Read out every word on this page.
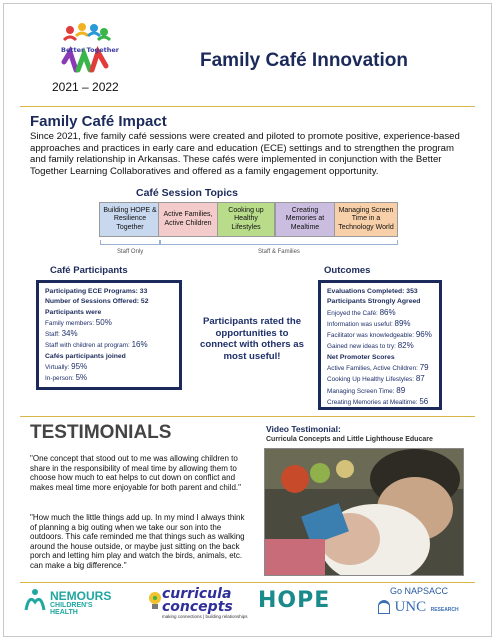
Better Together
2021 – 2022
Family Café Innovation
Family Café Impact
Since 2021, five family café sessions were created and piloted to promote positive, experience-based approaches and practices in early care and education (ECE) settings and to strengthen the program and family relationship in Arkansas. These cafés were implemented in conjunction with the Better Together Learning Collaboratives and offered as a family engagement opportunity.
Café Session Topics
Building HOPE & Resilience Together
Active Families, Active Children
Cooking up Healthy Lifestyles
Creating Memories at Mealtime
Managing Screen Time in a Technology World
Staff Only	Staff & Families
Café Participants
Participating ECE Programs: 33
Number of Sessions Offered: 52
Participants were
Family members: 50%
Staff: 34%
Staff with children at program: 16%
Cafés participants joined
Virtually: 95%
In-person: 5%
Participants rated the opportunities to connect with others as most useful!
Outcomes
Evaluations Completed: 353
Participants Strongly Agreed
Enjoyed the Café: 86%
Information was useful: 89%
Facilitator was knowledgeable: 96%
Gained new ideas to try: 82%
Net Promoter Scores
Active Families, Active Children: 79
Cooking Up Healthy Lifestyles: 87
Managing Screen Time: 89
Creating Memories at Mealtime: 56
TESTIMONIALS
"One concept that stood out to me was allowing children to share in the responsibility of meal time by allowing them to choose how much to eat helps to cut down on conflict and makes meal time more enjoyable for both parent and child."
"How much the little things add up. In my mind I always think of planning a big outing when we take our son into the outdoors. This cafe reminded me that things such as walking around the house outside, or maybe just sitting on the back porch and letting him play and watch the birds, animals, etc. can make a big difference."
Video Testimonial:
Curricula Concepts and Little Lighthouse Educare
NEMOURS
CHILDREN'S HEALTH
curricula
concepts
making connections | building relationships
HOPE	Go NAPSACC
UNC RESEARCH
